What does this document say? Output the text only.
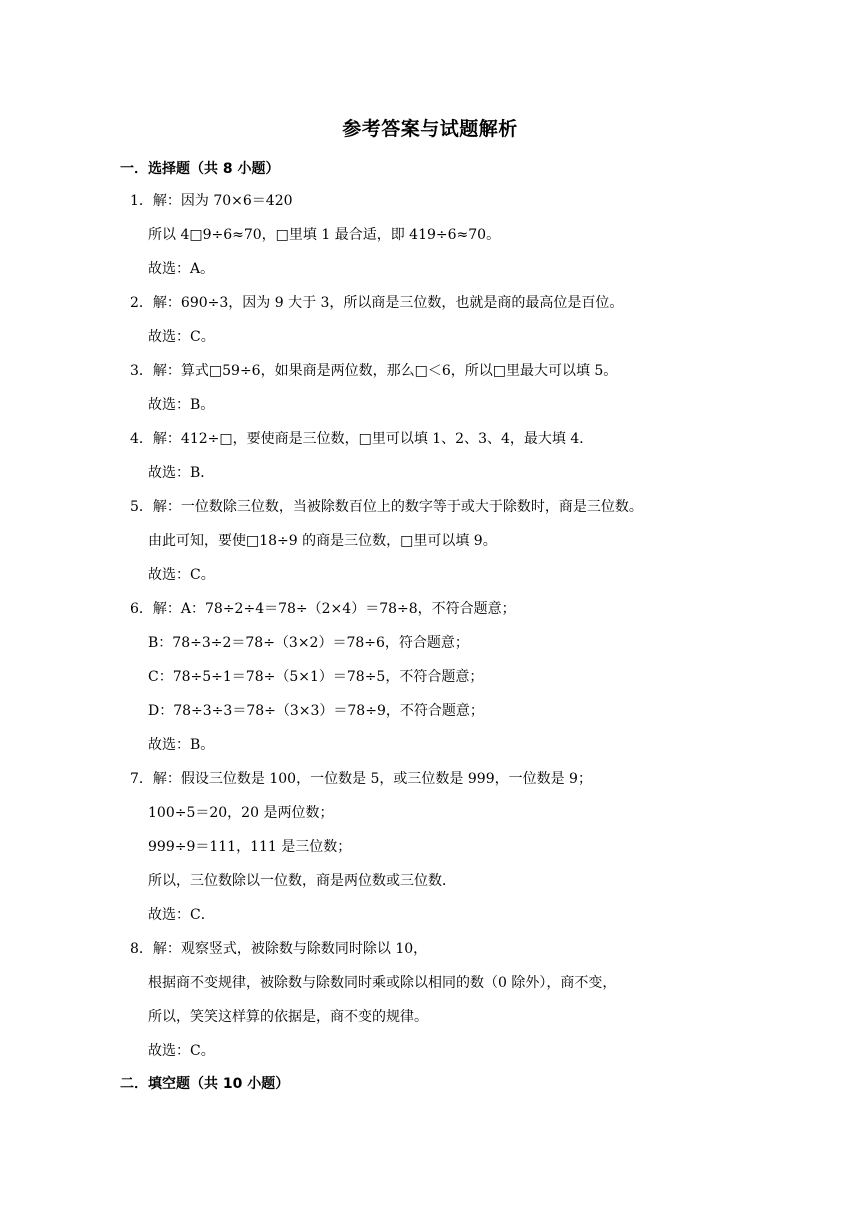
参考答案与试题解析
一．选择题（共 8 小题）
1．解：因为 70×6＝420
所以 4□9÷6≈70，□里填 1 最合适，即 419÷6≈70。
故选：A。
2．解：690÷3，因为 9 大于 3，所以商是三位数，也就是商的最高位是百位。
故选：C。
3．解：算式□59÷6，如果商是两位数，那么□＜6，所以□里最大可以填 5。
故选：B。
4．解：412÷□，要使商是三位数，□里可以填 1、2、3、4，最大填 4．
故选：B．
5．解：一位数除三位数，当被除数百位上的数字等于或大于除数时，商是三位数。
由此可知，要使□18÷9 的商是三位数，□里可以填 9。
故选：C。
6．解：A：78÷2÷4＝78÷（2×4）＝78÷8，不符合题意；
B：78÷3÷2＝78÷（3×2）＝78÷6，符合题意；
C：78÷5÷1＝78÷（5×1）＝78÷5，不符合题意；
D：78÷3÷3＝78÷（3×3）＝78÷9，不符合题意；
故选：B。
7．解：假设三位数是 100，一位数是 5，或三位数是 999，一位数是 9；
100÷5＝20，20 是两位数；
999÷9＝111，111 是三位数；
所以，三位数除以一位数，商是两位数或三位数．
故选：C．
8．解：观察竖式，被除数与除数同时除以 10，
根据商不变规律，被除数与除数同时乘或除以相同的数（0 除外），商不变，
所以，笑笑这样算的依据是，商不变的规律。
故选：C。
二．填空题（共 10 小题）
